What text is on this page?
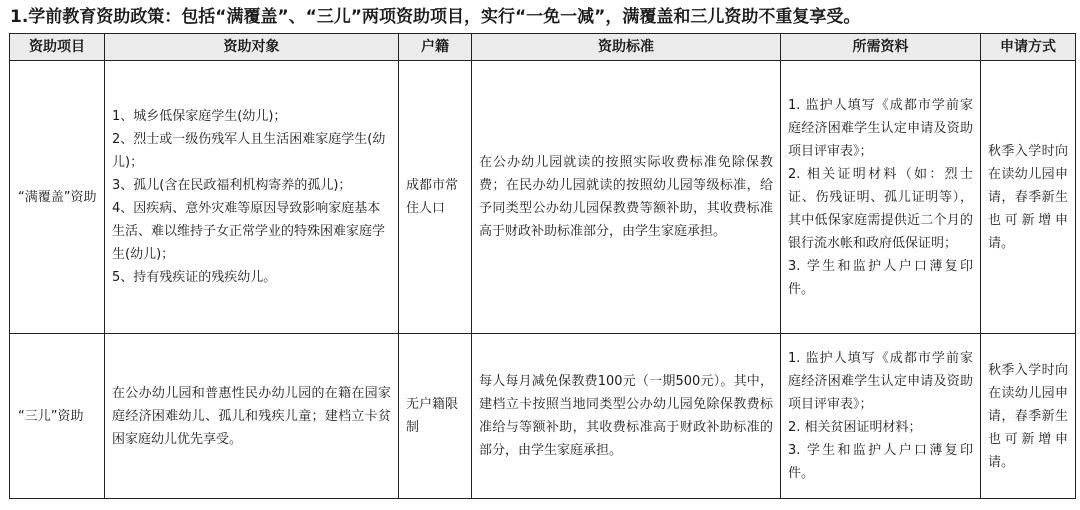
1.学前教育资助政策：包括“满覆盖”、“三儿”两项资助项目，实行“一免一减”，满覆盖和三儿资助不重复享受。
资助项目	资助对象	户籍	资助标准	所需资料	申请方式

“满覆盖”资助	1、城乡低保家庭学生(幼儿)；
2、烈士或一级伤残军人且生活困难家庭学生(幼儿)；
3、孤儿(含在民政福利机构寄养的孤儿)；
4、因疾病、意外灾难等原因导致影响家庭基本生活、难以维持子女正常学业的特殊困难家庭学生(幼儿)；
5、持有残疾证的残疾幼儿。	成都市常住人口	在公办幼儿园就读的按照实际收费标准免除保教费；在民办幼儿园就读的按照幼儿园等级标准，给予同类型公办幼儿园保教费等额补助，其收费标准高于财政补助标准部分，由学生家庭承担。	1. 监护人填写《成都市学前家庭经济困难学生认定申请及资助项目评审表》；
2. 相关证明材料（如：烈士证、伤残证明、孤儿证明等），其中低保家庭需提供近二个月的银行流水帐和政府低保证明；
3. 学生和监护人户口薄复印件。	秋季入学时向在读幼儿园申请，春季新生也可新增申请。

“三儿”资助	在公办幼儿园和普惠性民办幼儿园的在籍在园家庭经济困难幼儿、孤儿和残疾儿童；建档立卡贫困家庭幼儿优先享受。	无户籍限制	每人每月减免保教费100元（一期500元）。其中，建档立卡按照当地同类型公办幼儿园免除保教费标准给与等额补助，其收费标准高于财政补助标准的部分，由学生家庭承担。	1. 监护人填写《成都市学前家庭经济困难学生认定申请及资助项目评审表》；
2. 相关贫困证明材料；
3. 学生和监护人户口薄复印件。	秋季入学时向在读幼儿园申请，春季新生也可新增申请。
